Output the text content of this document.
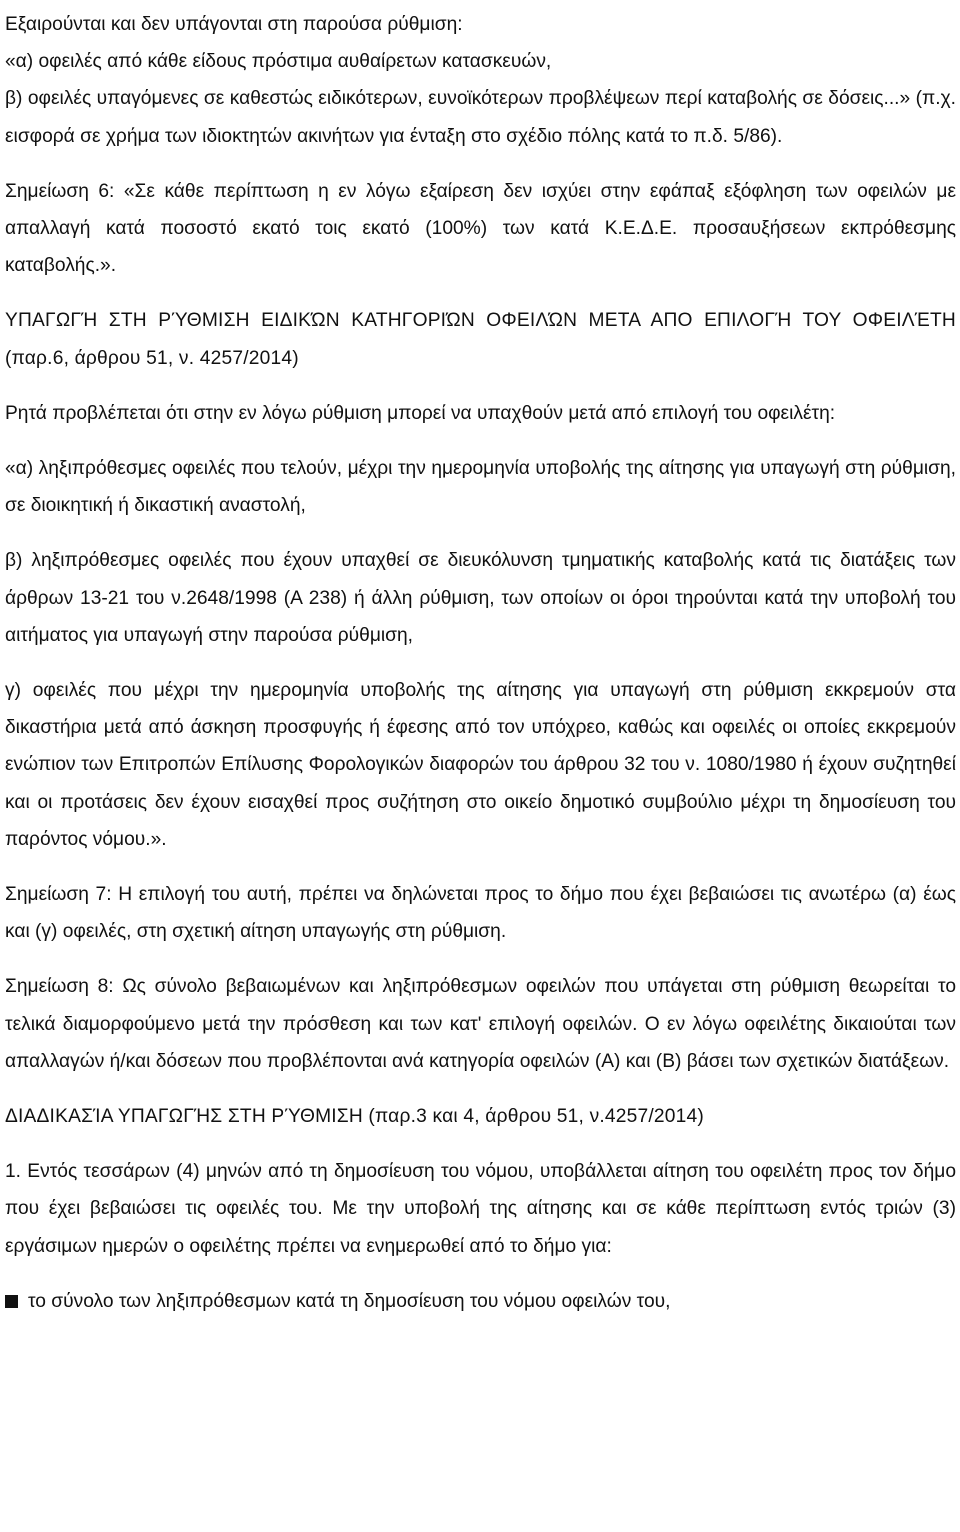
Εξαιρούνται και δεν υπάγονται στη παρούσα ρύθμιση:

«α) οφειλές από κάθε είδους πρόστιμα αυθαίρετων κατασκευών,

β) οφειλές υπαγόμενες σε καθεστώς ειδικότερων, ευνοϊκότερων προβλέψεων περί καταβολής σε δόσεις...» (π.χ. εισφορά σε χρήμα των ιδιοκτητών ακινήτων για ένταξη στο σχέδιο πόλης κατά το π.δ. 5/86).

Σημείωση 6: «Σε κάθε περίπτωση η εν λόγω εξαίρεση δεν ισχύει στην εφάπαξ εξόφληση των οφειλών με απαλλαγή κατά ποσοστό εκατό τοις εκατό (100%) των κατά Κ.Ε.Δ.Ε. προσαυξήσεων εκπρόθεσμης καταβολής.».

ΥΠΑΓΩΓΉ ΣΤΗ ΡΎΘΜΙΣΗ ΕΙΔΙΚΏΝ ΚΑΤΗΓΟΡΙΏΝ ΟΦΕΙΛΏΝ ΜΕΤΑ ΑΠΟ ΕΠΙΛΟΓΉ ΤΟΥ ΟΦΕΙΛΈΤΗ (παρ.6, άρθρου 51, ν. 4257/2014)

Ρητά προβλέπεται ότι στην εν λόγω ρύθμιση μπορεί να υπαχθούν μετά από επιλογή του οφειλέτη:

«α) ληξιπρόθεσμες οφειλές που τελούν, μέχρι την ημερομηνία υποβολής της αίτησης για υπαγωγή στη ρύθμιση, σε διοικητική ή δικαστική αναστολή,

β) ληξιπρόθεσμες οφειλές που έχουν υπαχθεί σε διευκόλυνση τμηματικής καταβολής κατά τις διατάξεις των άρθρων 13-21 του ν.2648/1998 (Α 238) ή άλλη ρύθμιση, των οποίων οι όροι τηρούνται κατά την υποβολή του αιτήματος για υπαγωγή στην παρούσα ρύθμιση,

γ) οφειλές που μέχρι την ημερομηνία υποβολής της αίτησης για υπαγωγή στη ρύθμιση εκκρεμούν στα δικαστήρια μετά από άσκηση προσφυγής ή έφεσης από τον υπόχρεο, καθώς και οφειλές οι οποίες εκκρεμούν ενώπιον των Επιτροπών Επίλυσης Φορολογικών διαφορών του άρθρου 32 του ν. 1080/1980 ή έχουν συζητηθεί και οι προτάσεις δεν έχουν εισαχθεί προς συζήτηση στο οικείο δημοτικό συμβούλιο μέχρι τη δημοσίευση του παρόντος νόμου.».

Σημείωση 7: Η επιλογή του αυτή, πρέπει να δηλώνεται προς το δήμο που έχει βεβαιώσει τις ανωτέρω (α) έως και (γ) οφειλές, στη σχετική αίτηση υπαγωγής στη ρύθμιση.

Σημείωση 8: Ως σύνολο βεβαιωμένων και ληξιπρόθεσμων οφειλών που υπάγεται στη ρύθμιση θεωρείται το τελικά διαμορφούμενο μετά την πρόσθεση και των κατ' επιλογή οφειλών. Ο εν λόγω οφειλέτης δικαιούται των απαλλαγών ή/και δόσεων που προβλέπονται ανά κατηγορία οφειλών (Α) και (Β) βάσει των σχετικών διατάξεων.

ΔΙΑΔΙΚΑΣΊΑ ΥΠΑΓΩΓΉΣ ΣΤΗ ΡΎΘΜΙΣΗ (παρ.3 και 4, άρθρου 51, ν.4257/2014)

1. Εντός τεσσάρων (4) μηνών από τη δημοσίευση του νόμου, υποβάλλεται αίτηση του οφειλέτη προς τον δήμο που έχει βεβαιώσει τις οφειλές του. Με την υποβολή της αίτησης και σε κάθε περίπτωση εντός τριών (3) εργάσιμων ημερών ο οφειλέτης πρέπει να ενημερωθεί από το δήμο για:

το σύνολο των ληξιπρόθεσμων κατά τη δημοσίευση του νόμου οφειλών του,
